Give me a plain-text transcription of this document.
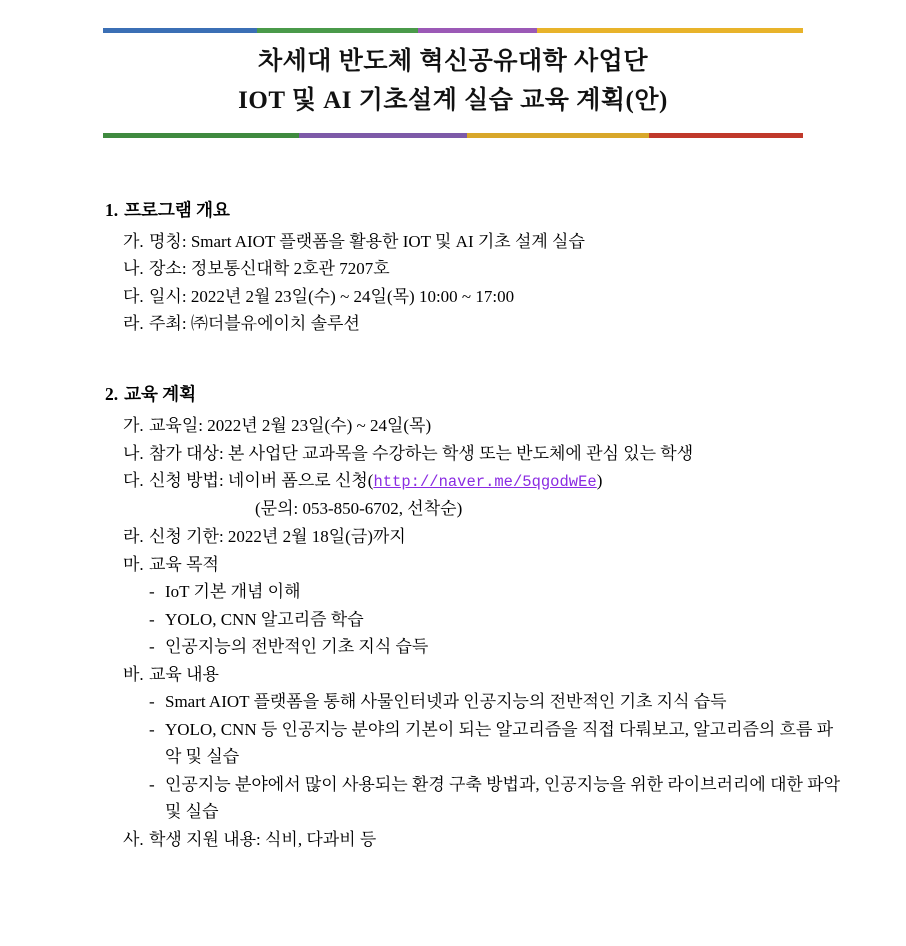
차세대 반도체 혁신공유대학 사업단
IOT 및 AI 기초설계 실습 교육 계획(안)
1. 프로그램 개요
가. 명칭: Smart AIOT 플랫폼을 활용한 IOT 및 AI 기초 설계 실습
나. 장소: 정보통신대학 2호관 7207호
다. 일시: 2022년 2월 23일(수) ~ 24일(목) 10:00 ~ 17:00
라. 주최: ㈜더블유에이치 솔루션
2. 교육 계획
가. 교육일: 2022년 2월 23일(수) ~ 24일(목)
나. 참가 대상: 본 사업단 교과목을 수강하는 학생 또는 반도체에 관심 있는 학생
다. 신청 방법: 네이버 폼으로 신청(http://naver.me/5qgodwEe)
(문의: 053-850-6702, 선착순)
라. 신청 기한: 2022년 2월 18일(금)까지
마. 교육 목적
- IoT 기본 개념 이해
- YOLO, CNN 알고리즘 학습
- 인공지능의 전반적인 기초 지식 습득
바. 교육 내용
- Smart AIOT 플랫폼을 통해 사물인터넷과 인공지능의 전반적인 기초 지식 습득
- YOLO, CNN 등 인공지능 분야의 기본이 되는 알고리즘을 직접 다뤄보고, 알고리즘의 흐름 파악 및 실습
- 인공지능 분야에서 많이 사용되는 환경 구축 방법과, 인공지능을 위한 라이브러리에 대한 파악 및 실습
사. 학생 지원 내용: 식비, 다과비 등
